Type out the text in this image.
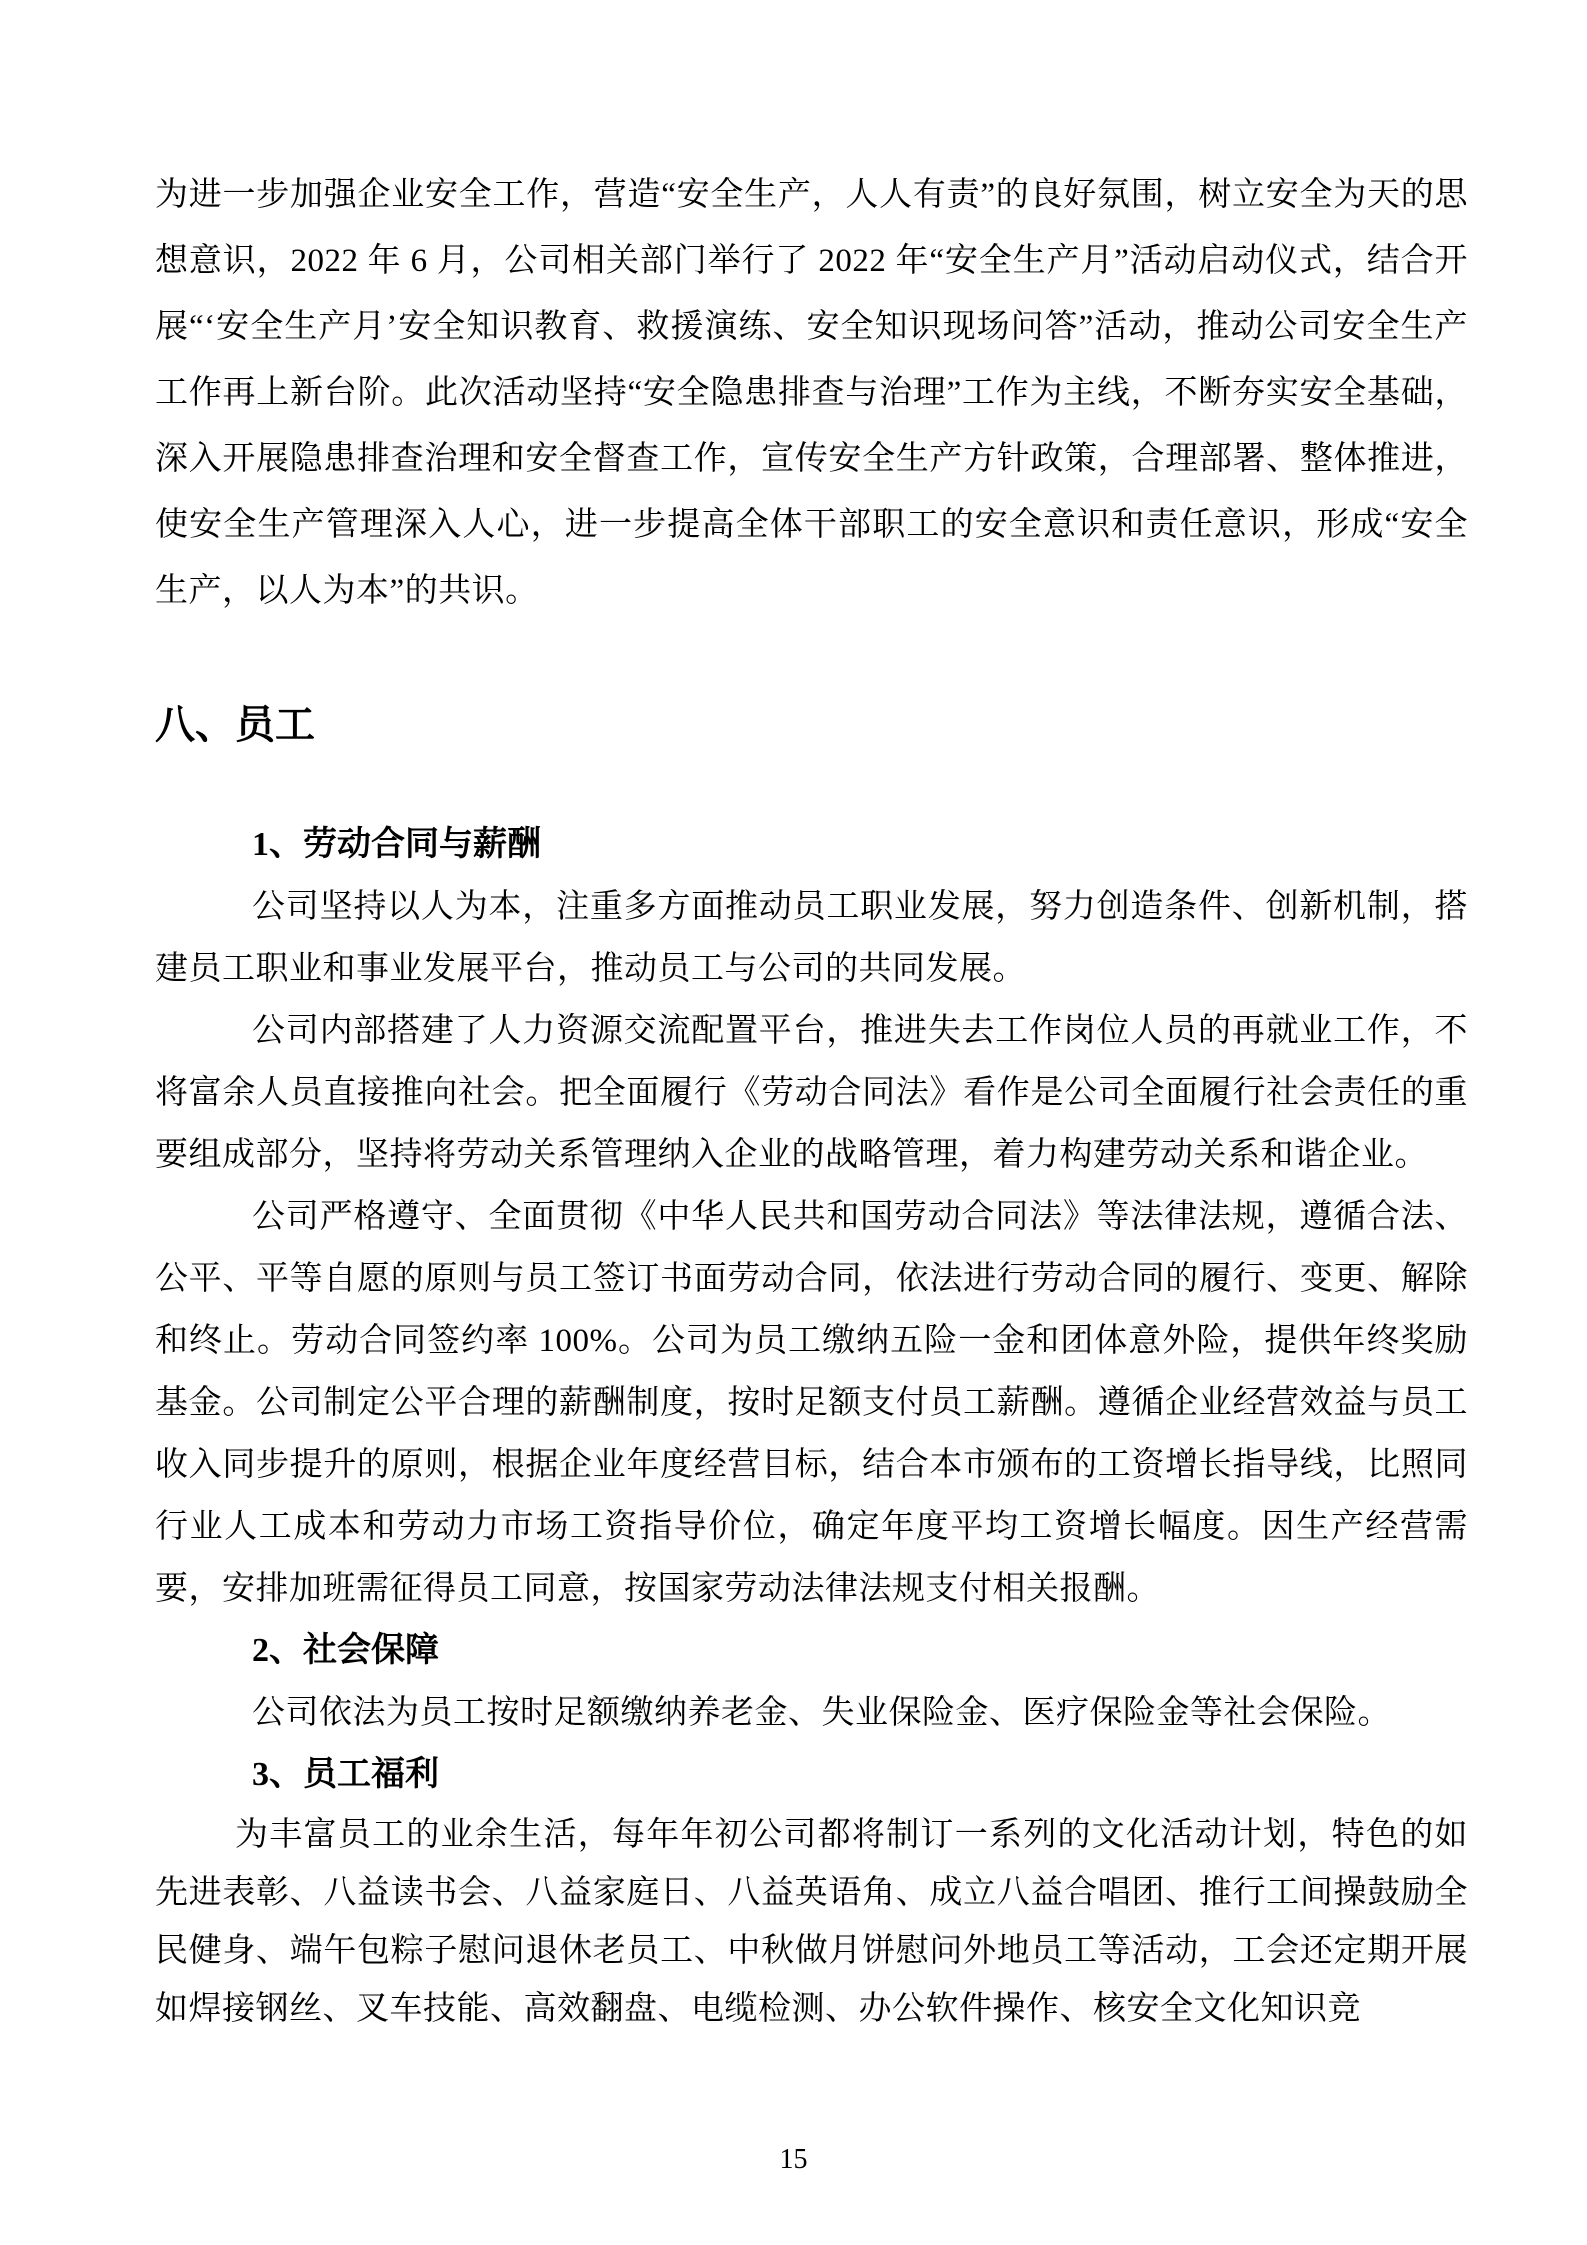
为进一步加强企业安全工作，营造“安全生产，人人有责”的良好氛围，树立安全为天的思想意识，2022 年 6 月，公司相关部门举行了 2022 年“安全生产月”活动启动仪式，结合开展“‘安全生产月’安全知识教育、救援演练、安全知识现场问答”活动，推动公司安全生产工作再上新台阶。此次活动坚持“安全隐患排查与治理”工作为主线，不断夯实安全基础，深入开展隐患排查治理和安全督查工作，宣传安全生产方针政策，合理部署、整体推进，使安全生产管理深入人心，进一步提高全体干部职工的安全意识和责任意识，形成“安全生产，以人为本”的共识。

八、员工
1、劳动合同与薪酬

公司坚持以人为本，注重多方面推动员工职业发展，努力创造条件、创新机制，搭建员工职业和事业发展平台，推动员工与公司的共同发展。

公司内部搭建了人力资源交流配置平台，推进失去工作岗位人员的再就业工作，不将富余人员直接推向社会。把全面履行《劳动合同法》看作是公司全面履行社会责任的重要组成部分，坚持将劳动关系管理纳入企业的战略管理，着力构建劳动关系和谐企业。

公司严格遵守、全面贯彻《中华人民共和国劳动合同法》等法律法规，遵循合法、公平、平等自愿的原则与员工签订书面劳动合同，依法进行劳动合同的履行、变更、解除和终止。劳动合同签约率 100%。公司为员工缴纳五险一金和团体意外险，提供年终奖励基金。公司制定公平合理的薪酬制度，按时足额支付员工薪酬。遵循企业经营效益与员工收入同步提升的原则，根据企业年度经营目标，结合本市颁布的工资增长指导线，比照同行业人工成本和劳动力市场工资指导价位，确定年度平均工资增长幅度。因生产经营需要，安排加班需征得员工同意，按国家劳动法律法规支付相关报酬。

2、社会保障

公司依法为员工按时足额缴纳养老金、失业保险金、医疗保险金等社会保险。

3、员工福利

为丰富员工的业余生活，每年年初公司都将制订一系列的文化活动计划，特色的如先进表彰、八益读书会、八益家庭日、八益英语角、成立八益合唱团、推行工间操鼓励全民健身、端午包粽子慰问退休老员工、中秋做月饼慰问外地员工等活动，工会还定期开展如焊接钢丝、叉车技能、高效翻盘、电缆检测、办公软件操作、核安全文化知识竞

15
